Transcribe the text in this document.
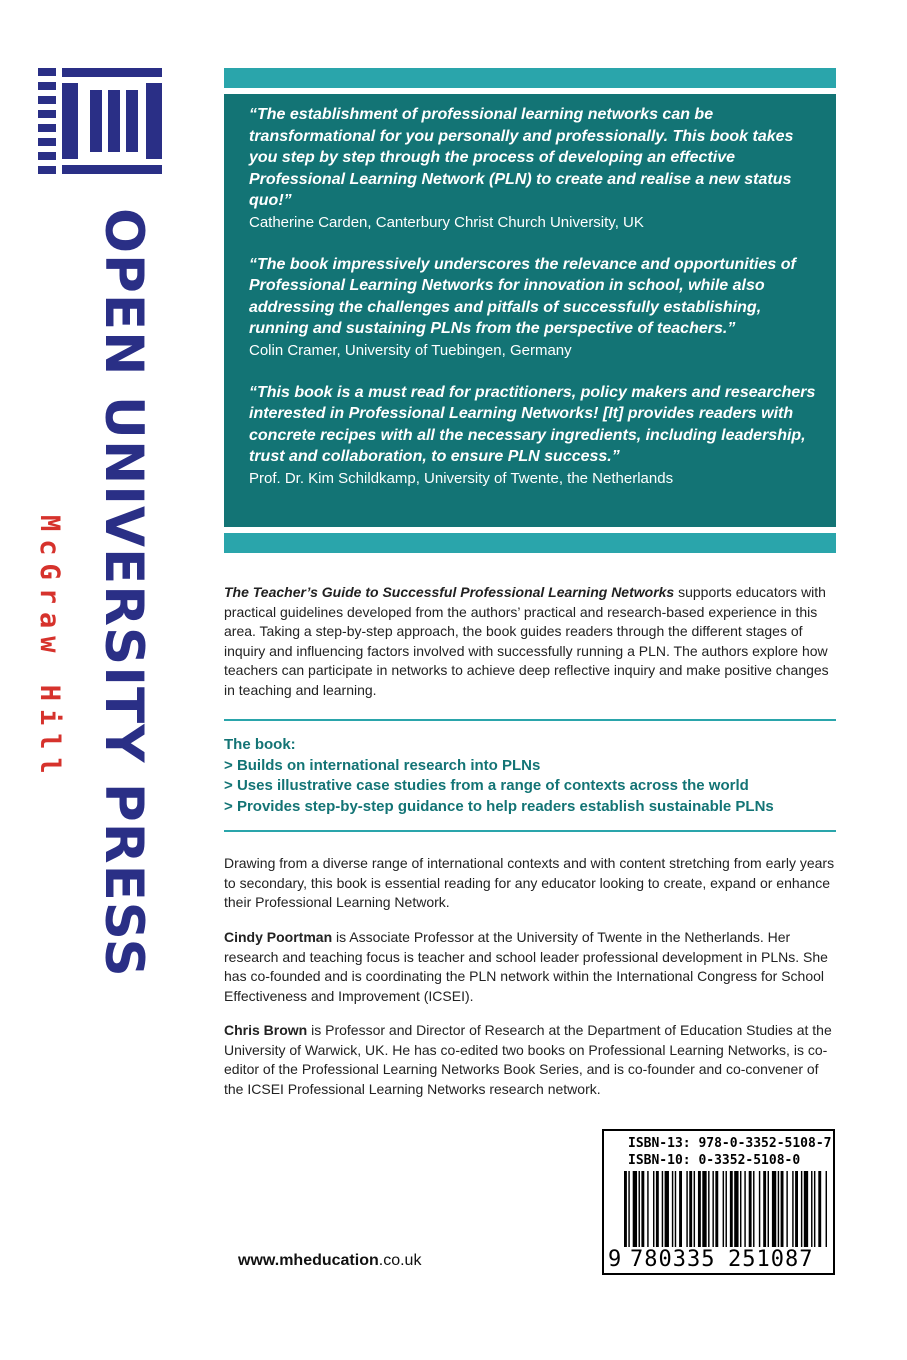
OPEN UNIVERSITY PRESS
McGraw Hill
“The establishment of professional learning networks can be transformational for you personally and professionally. This book takes you step by step through the process of developing an effective Professional Learning Network (PLN) to create and realise a new status quo!”
Catherine Carden, Canterbury Christ Church University, UK
“The book impressively underscores the relevance and opportunities of Professional Learning Networks for innovation in school, while also addressing the challenges and pitfalls of successfully establishing, running and sustaining PLNs from the perspective of teachers.”
Colin Cramer, University of Tuebingen, Germany
“This book is a must read for practitioners, policy makers and researchers interested in Professional Learning Networks! [It] provides readers with concrete recipes with all the necessary ingredients, including leadership, trust and collaboration, to ensure PLN success.”
Prof. Dr. Kim Schildkamp, University of Twente, the Netherlands
The Teacher’s Guide to Successful Professional Learning Networks supports educators with practical guidelines developed from the authors’ practical and research-based experience in this area. Taking a step-by-step approach, the book guides readers through the different stages of inquiry and influencing factors involved with successfully running a PLN. The authors explore how teachers can participate in networks to achieve deep reflective inquiry and make positive changes in teaching and learning.
The book:
> Builds on international research into PLNs
> Uses illustrative case studies from a range of contexts across the world
> Provides step-by-step guidance to help readers establish sustainable PLNs
Drawing from a diverse range of international contexts and with content stretching from early years to secondary, this book is essential reading for any educator looking to create, expand or enhance their Professional Learning Network.
Cindy Poortman is Associate Professor at the University of Twente in the Netherlands. Her research and teaching focus is teacher and school leader professional development in PLNs. She has co-founded and is coordinating the PLN network within the International Congress for School Effectiveness and Improvement (ICSEI).
Chris Brown is Professor and Director of Research at the Department of Education Studies at the University of Warwick, UK. He has co-edited two books on Professional Learning Networks, is co-editor of the Professional Learning Networks Book Series, and is co-founder and co-convener of the ICSEI Professional Learning Networks research network.
www.mheducation.co.uk
ISBN-13: 978-0-3352-5108-7
ISBN-10: 0-3352-5108-0
9 780335 251087
